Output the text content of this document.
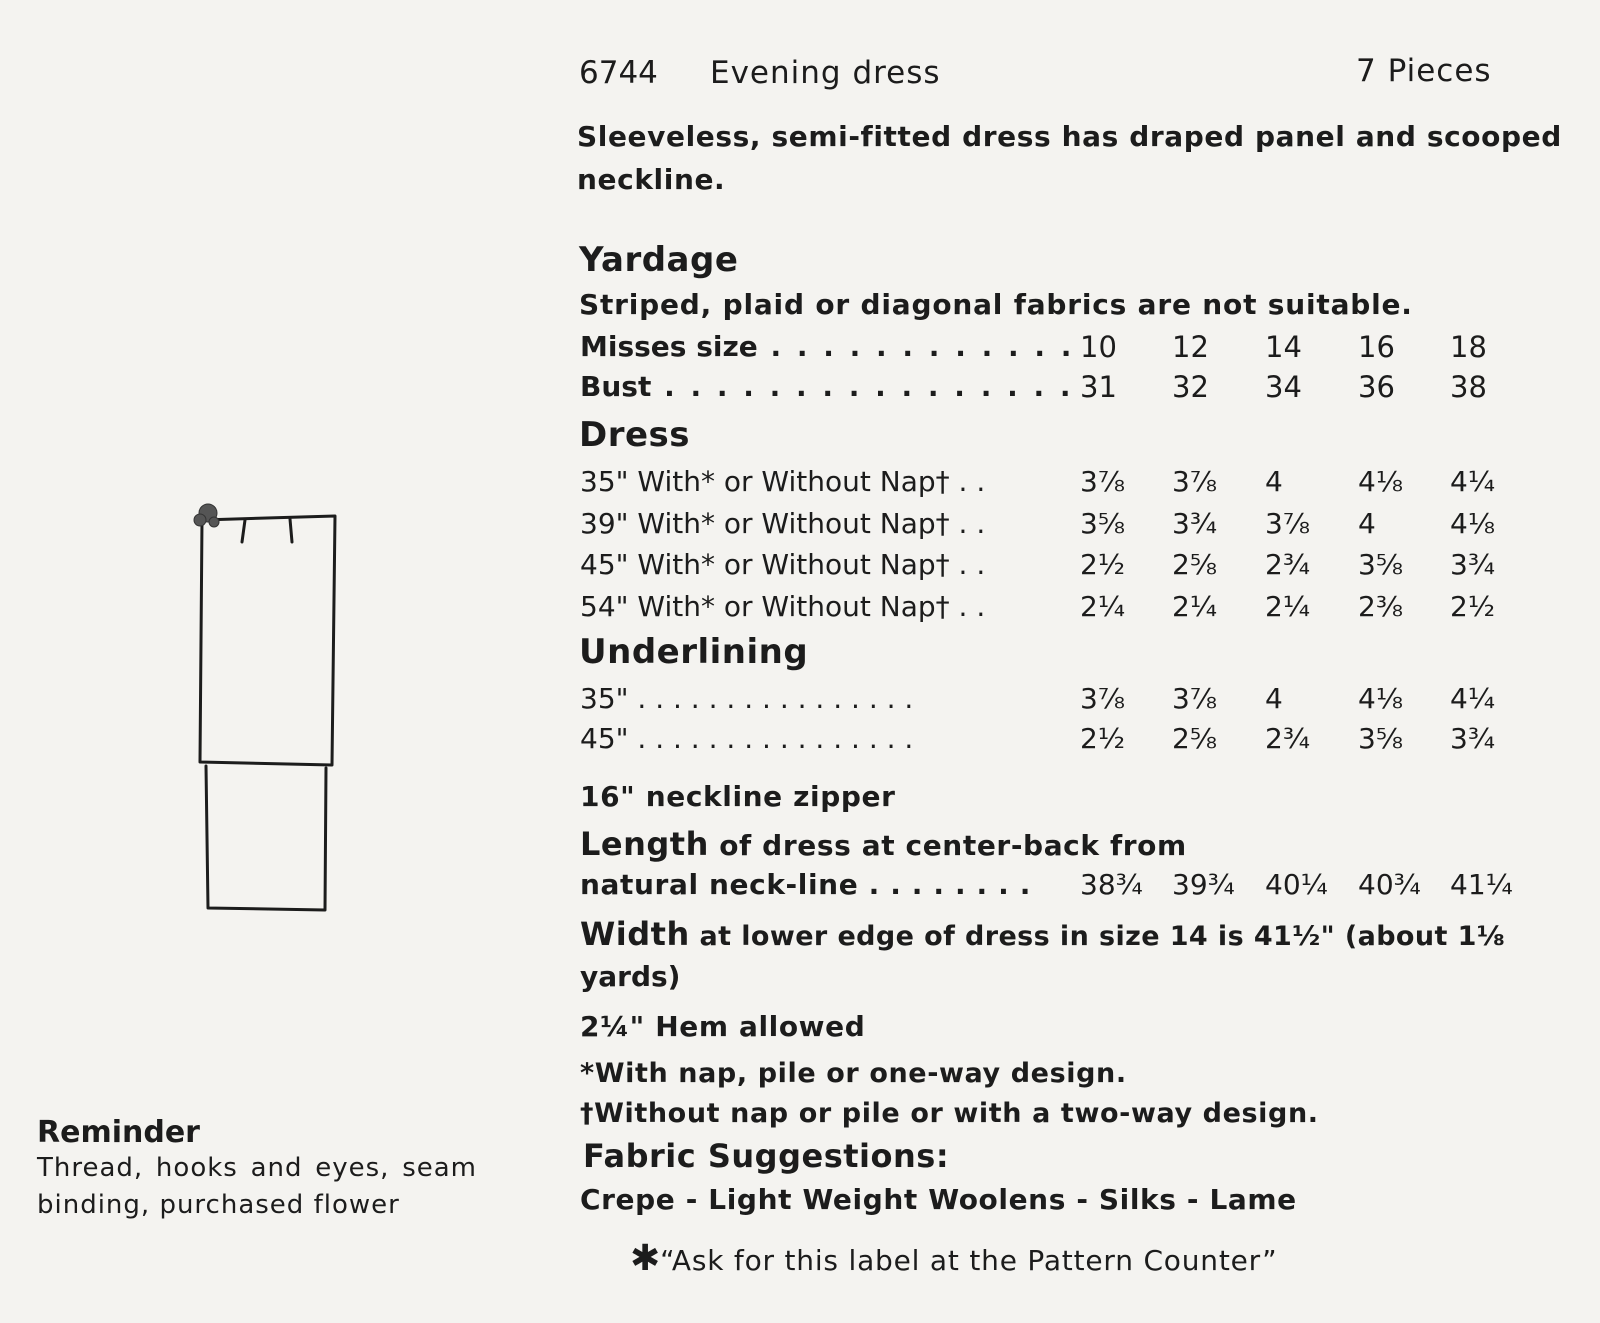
6744 Evening dress	7 Pieces
Sleeveless, semi-fitted dress has draped panel and scooped
neckline.
Yardage
Striped, plaid or diagonal fabrics are not suitable.
Misses size . . . . . . . . . . . . 10 12 14 16 18
Bust . . . . . . . . . . . . . . . . 31 32 34 36 38
Dress
35" With* or Without Nap† . .	3⅞ 3⅞ 4	4⅛ 4¼
39" With* or Without Nap† . .	3⅝ 3¾ 3⅞ 4	4⅛
45" With* or Without Nap† . .	2½ 2⅝ 2¾ 3⅝ 3¾
54" With* or Without Nap† . .	2¼ 2¼ 2¼ 2⅜ 2½
Underlining
35" . . . . . . . . . . . . . . . .	3⅞ 3⅞ 4	4⅛ 4¼
45" . . . . . . . . . . . . . . . .	2½ 2⅝ 2¾ 3⅝ 3¾
16" neckline zipper
Length of dress at center-back from
natural neck-line . . . . . . . . 38¾ 39¾ 40¼ 40¾ 41¼
Width at lower edge of dress in size 14 is 41½" (about 1⅛
yards)
2¼" Hem allowed
*With nap, pile or one-way design.
†Without nap or pile or with a two-way design.
Fabric Suggestions:
Crepe - Light Weight Woolens - Silks - Lame
✱“Ask for this label at the Pattern Counter”
Reminder
Thread, hooks and eyes, seam binding, purchased flower
